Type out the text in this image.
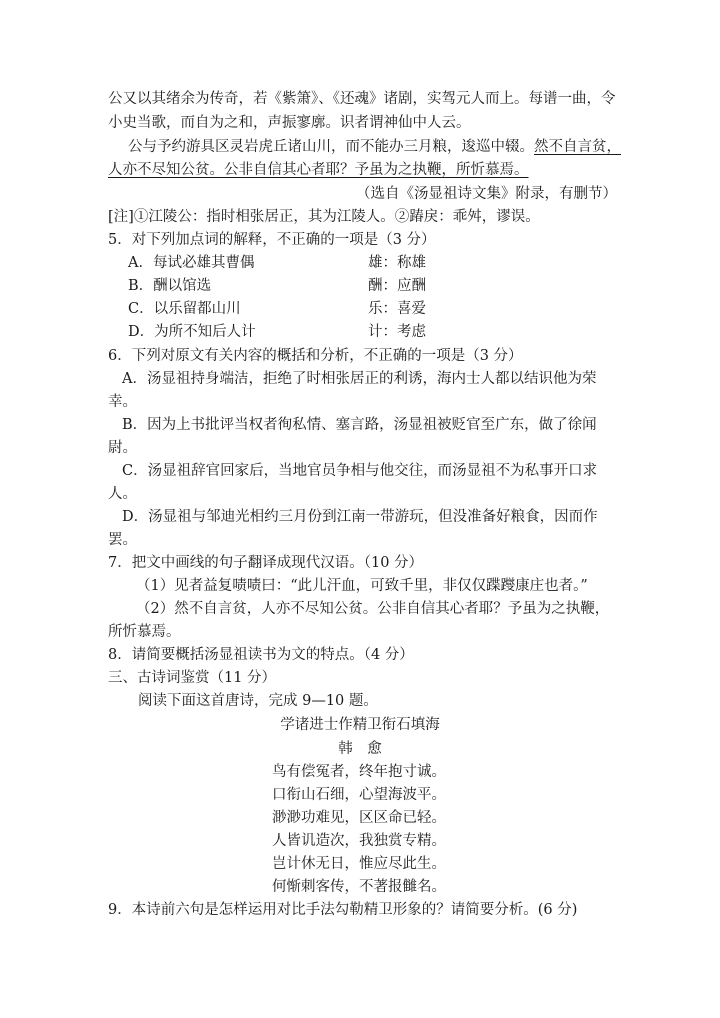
公又以其绪余为传奇，若《紫箫》、《还魂》诸剧，实驾元人而上。每谱一曲，令
小史当歌，而自为之和，声振寥廓。识者谓神仙中人云。
公与予约游具区灵岩虎丘诸山川，而不能办三月粮，逡巡中辍。然不自言贫，
人亦不尽知公贫。公非自信其心者耶？予虽为之执鞭，所忻慕焉。
（选自《汤显祖诗文集》附录，有删节）
[注]①江陵公：指时相张居正，其为江陵人。②踳戾：乖舛，谬误。
5．对下列加点词的解释，不正确的一项是（3 分）
A．每试必雄其曹偶	雄：称雄
B．酬以馆选	酬：应酬
C．以乐留都山川	乐：喜爱
D．为所不知后人计	计：考虑
6．下列对原文有关内容的概括和分析，不正确的一项是（3 分）
A．汤显祖持身端洁，拒绝了时相张居正的利诱，海内士人都以结识他为荣
幸。
B．因为上书批评当权者徇私情、塞言路，汤显祖被贬官至广东，做了徐闻
尉。
C．汤显祖辞官回家后，当地官员争相与他交往，而汤显祖不为私事开口求
人。
D．汤显祖与邹迪光相约三月份到江南一带游玩，但没准备好粮食，因而作
罢。
7．把文中画线的句子翻译成现代汉语。（10 分）
（1）见者益复啧啧曰：“此儿汗血，可致千里，非仅仅蹀躞康庄也者。”
（2）然不自言贫，人亦不尽知公贫。公非自信其心者耶？予虽为之执鞭，
所忻慕焉。
8．请简要概括汤显祖读书为文的特点。（4 分）
三、古诗词鉴赏（11 分）
阅读下面这首唐诗，完成 9—10 题。
学诸进士作精卫衔石填海
韩　愈
鸟有偿冤者，终年抱寸诚。
口衔山石细，心望海波平。
渺渺功难见，区区命已轻。
人皆讥造次，我独赏专精。
岂计休无日，惟应尽此生。
何惭刺客传，不著报雠名。
9．本诗前六句是怎样运用对比手法勾勒精卫形象的？请简要分析。(6 分)
